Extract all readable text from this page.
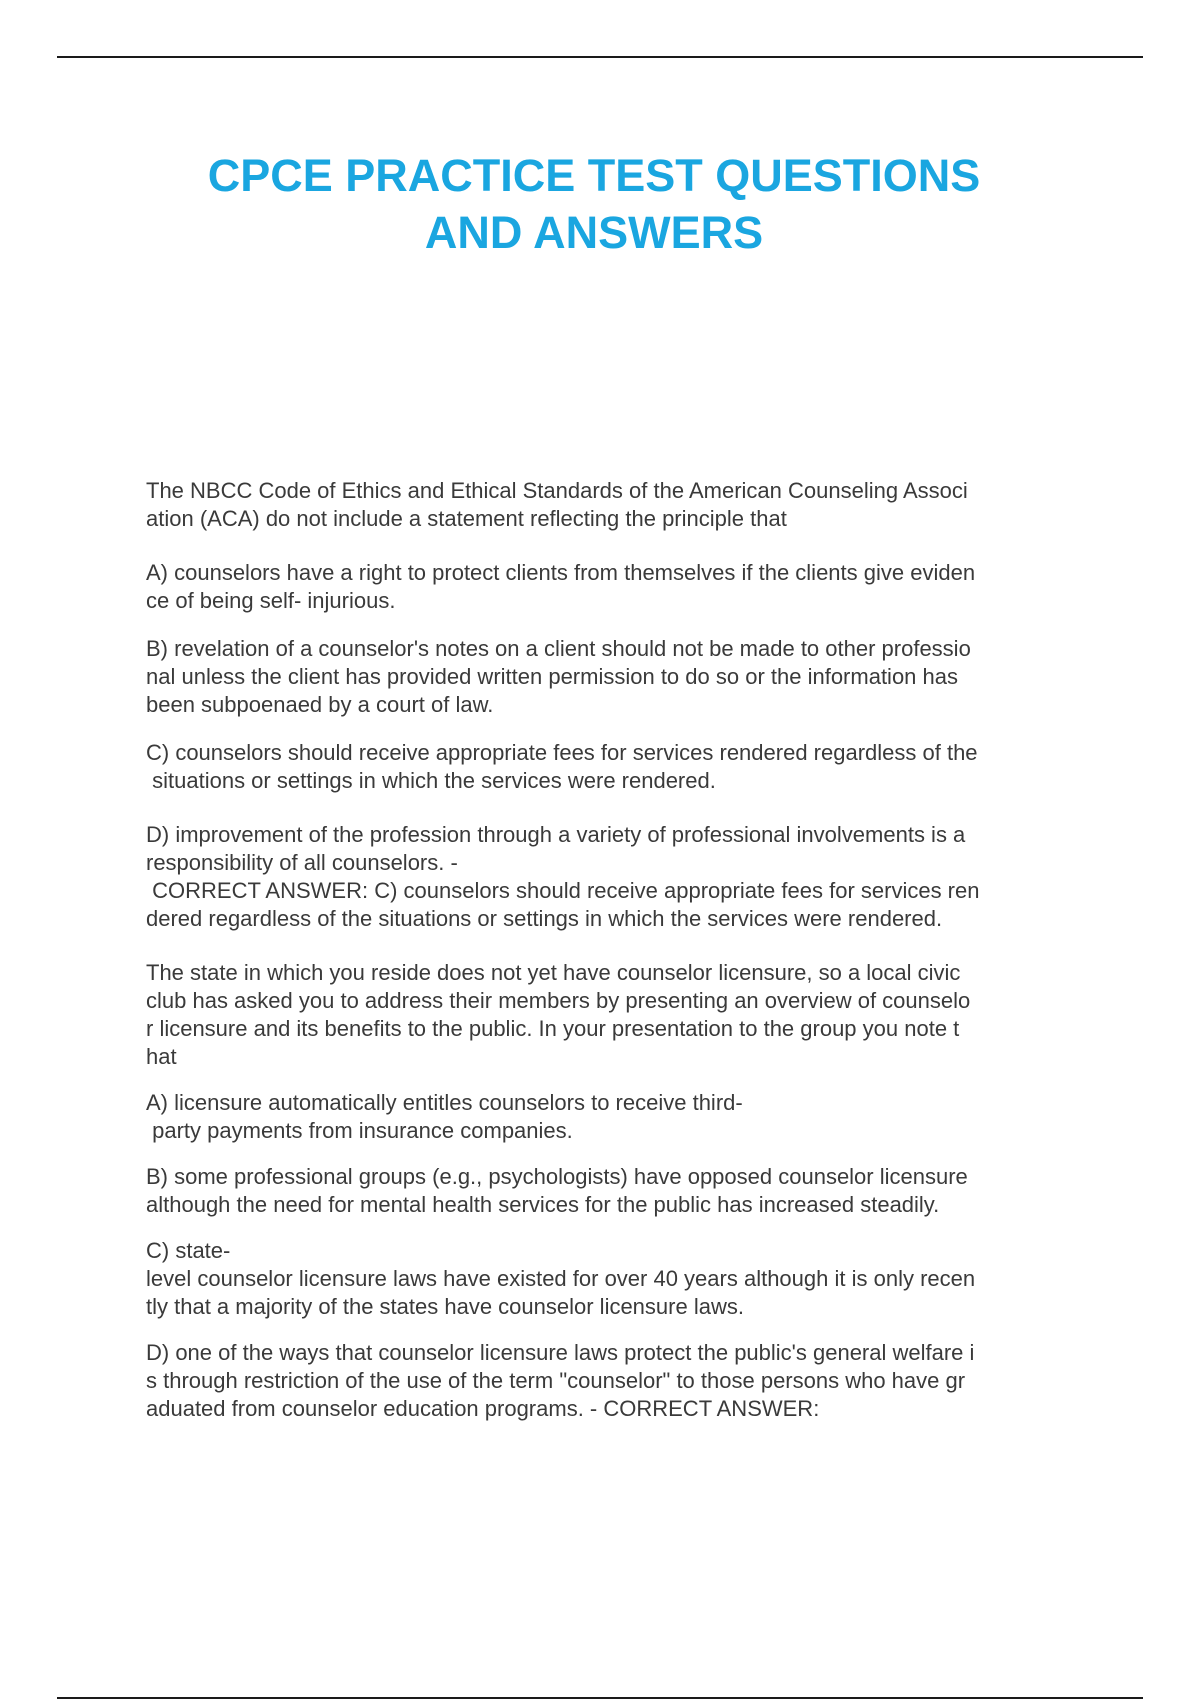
CPCE PRACTICE TEST QUESTIONS
AND ANSWERS

The NBCC Code of Ethics and Ethical Standards of the American Counseling Associ
ation (ACA) do not include a statement reflecting the principle that

A) counselors have a right to protect clients from themselves if the clients give eviden
ce of being self- injurious.

B) revelation of a counselor's notes on a client should not be made to other professio
nal unless the client has provided written permission to do so or the information has
been subpoenaed by a court of law.

C) counselors should receive appropriate fees for services rendered regardless of the
situations or settings in which the services were rendered.

D) improvement of the profession through a variety of professional involvements is a
responsibility of all counselors. -

CORRECT ANSWER: C) counselors should receive appropriate fees for services ren
dered regardless of the situations or settings in which the services were rendered.

The state in which you reside does not yet have counselor licensure, so a local civic
club has asked you to address their members by presenting an overview of counselo
r licensure and its benefits to the public. In your presentation to the group you note t
hat

A) licensure automatically entitles counselors to receive third-
party payments from insurance companies.

B) some professional groups (e.g., psychologists) have opposed counselor licensure
although the need for mental health services for the public has increased steadily.

C) state-
level counselor licensure laws have existed for over 40 years although it is only recen
tly that a majority of the states have counselor licensure laws.

D) one of the ways that counselor licensure laws protect the public's general welfare i
s through restriction of the use of the term "counselor" to those persons who have gr
aduated from counselor education programs. - CORRECT ANSWER:
